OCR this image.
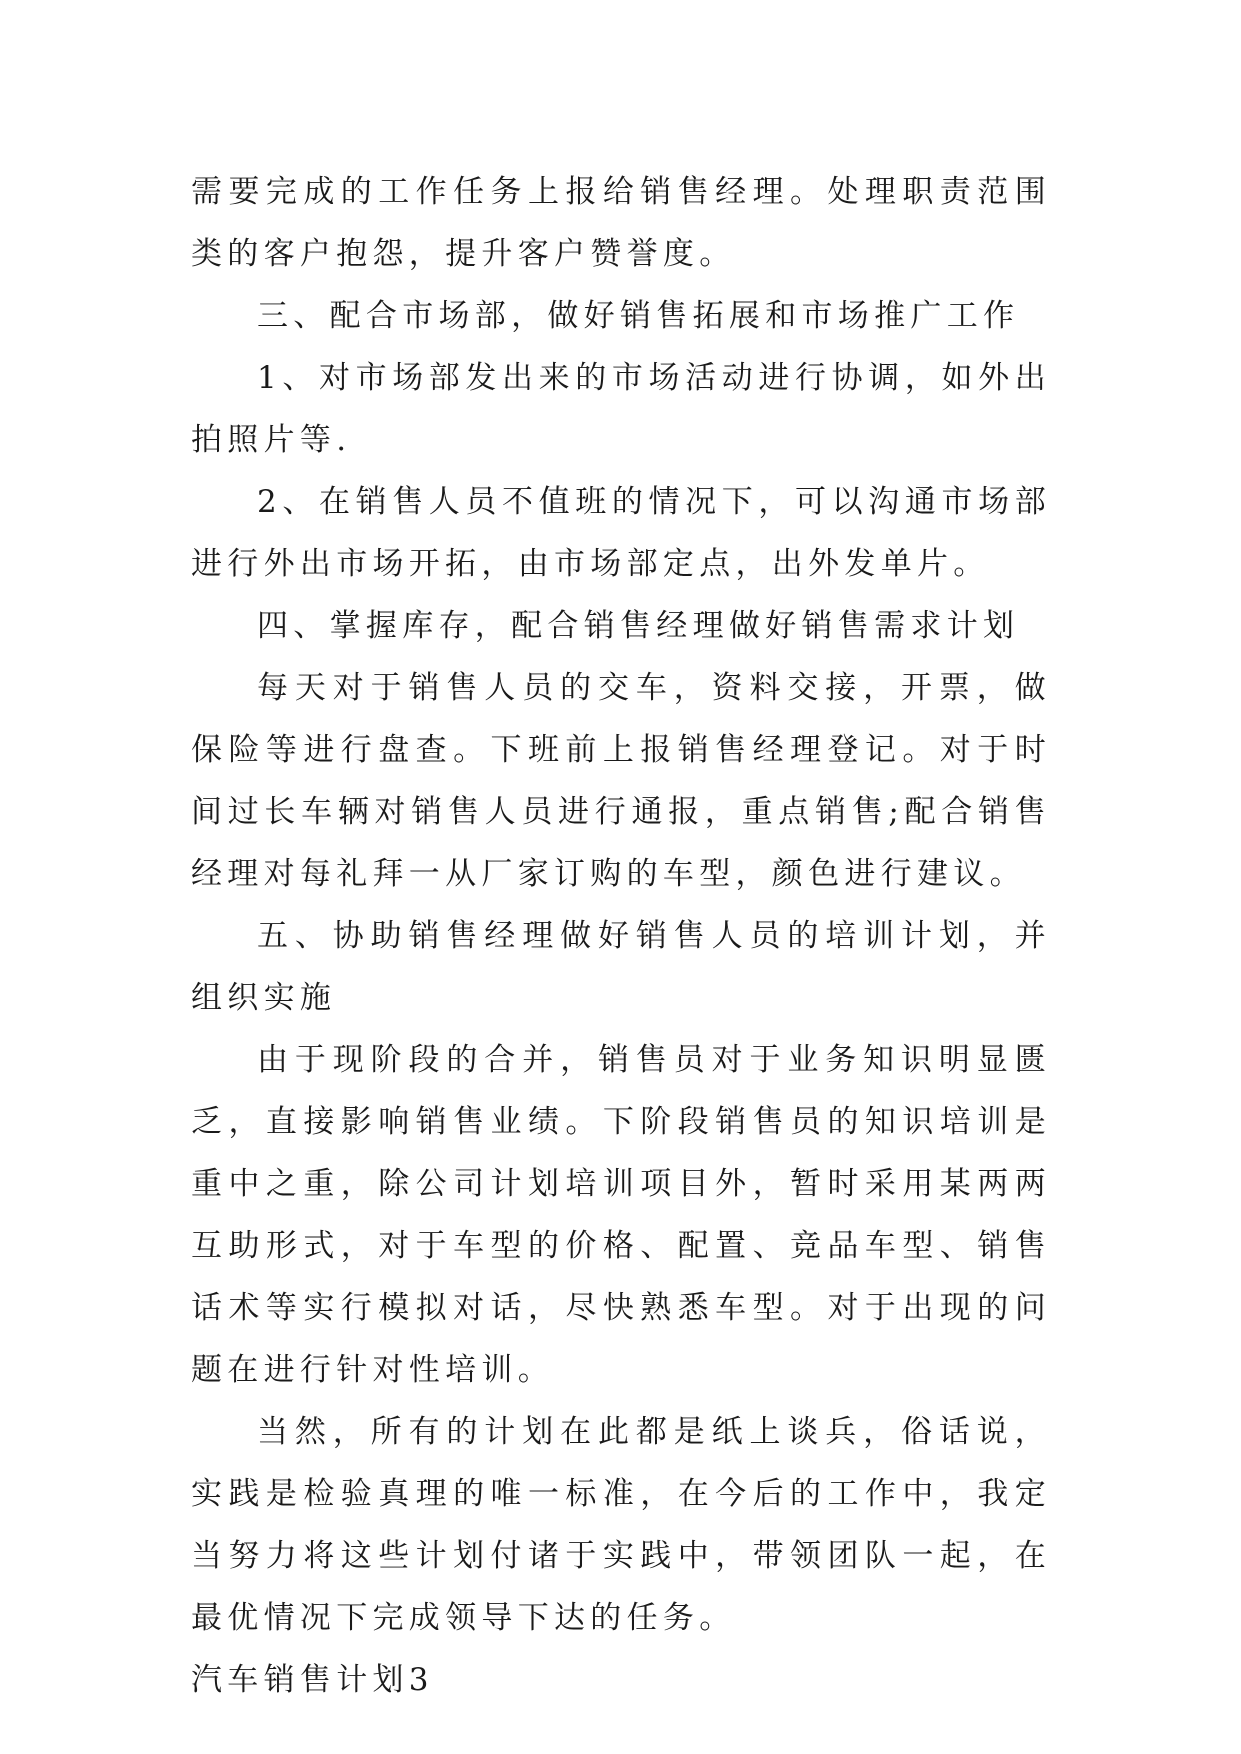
需要完成的工作任务上报给销售经理。处理职责范围类的客户抱怨，提升客户赞誉度。

三、配合市场部，做好销售拓展和市场推广工作

1、对市场部发出来的市场活动进行协调，如外出拍照片等.

2、在销售人员不值班的情况下，可以沟通市场部进行外出市场开拓，由市场部定点，出外发单片。

四、掌握库存，配合销售经理做好销售需求计划

每天对于销售人员的交车，资料交接，开票，做保险等进行盘查。下班前上报销售经理登记。对于时间过长车辆对销售人员进行通报，重点销售;配合销售经理对每礼拜一从厂家订购的车型，颜色进行建议。

五、协助销售经理做好销售人员的培训计划，并组织实施

由于现阶段的合并，销售员对于业务知识明显匮乏，直接影响销售业绩。下阶段销售员的知识培训是重中之重，除公司计划培训项目外，暂时采用某两两互助形式，对于车型的价格、配置、竞品车型、销售话术等实行模拟对话，尽快熟悉车型。对于出现的问题在进行针对性培训。

当然，所有的计划在此都是纸上谈兵，俗话说，实践是检验真理的唯一标准，在今后的工作中，我定当努力将这些计划付诸于实践中，带领团队一起，在最优情况下完成领导下达的任务。

汽车销售计划3
